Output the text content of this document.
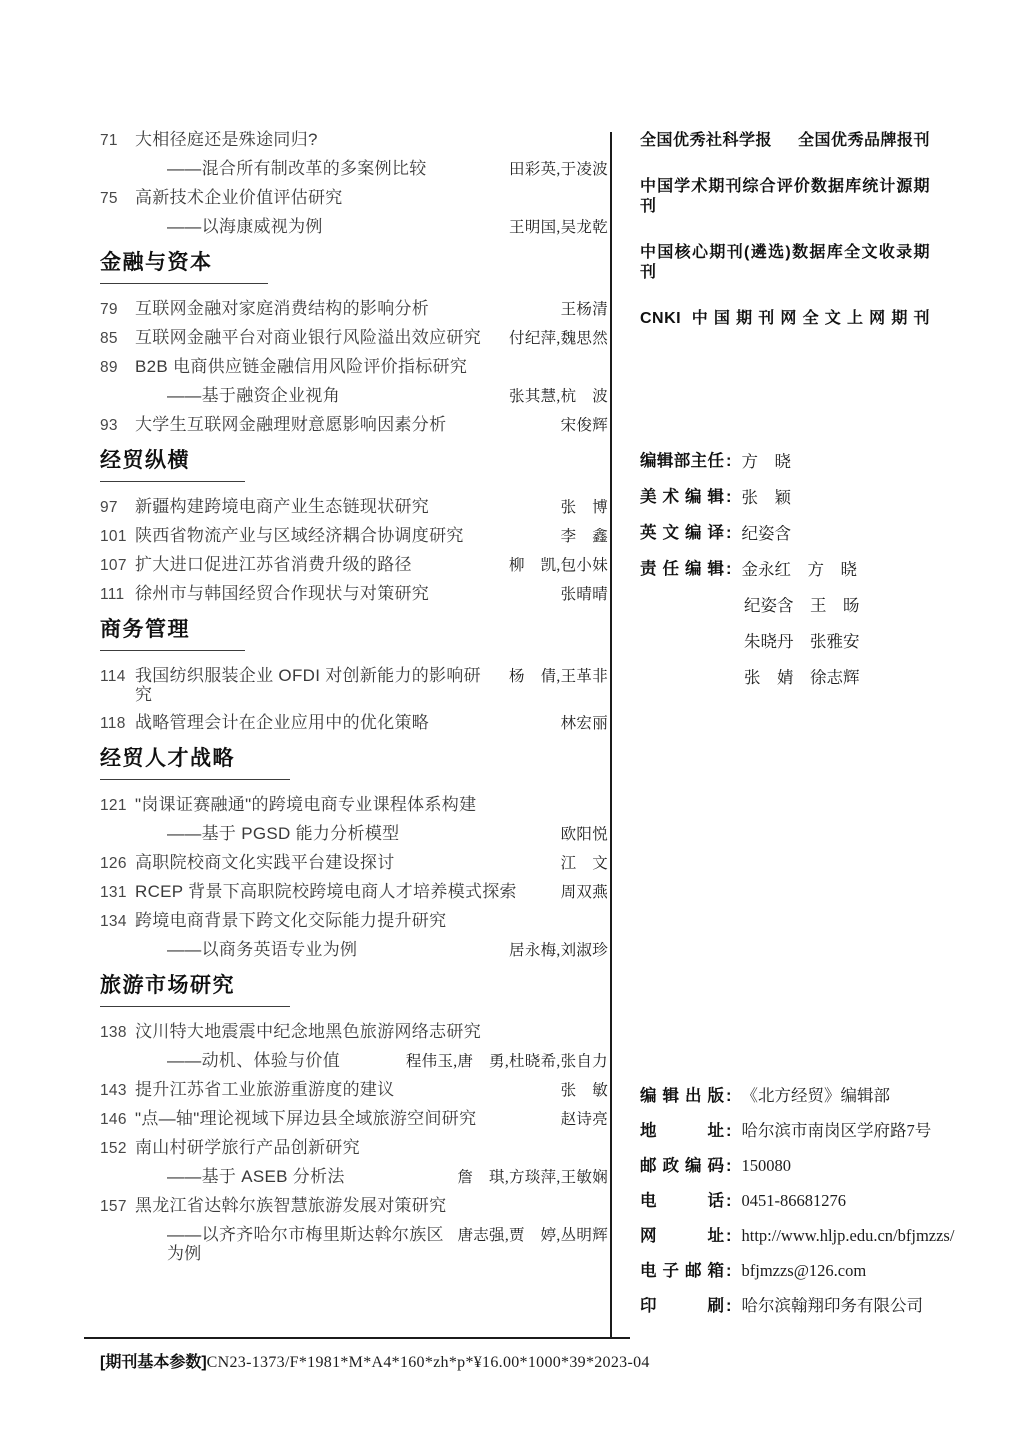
71	大相径庭还是殊途同归?
——混合所有制改革的多案例比较	田彩英,于凌波
75	高新技术企业价值评估研究
——以海康威视为例	王明国,吴龙乾
金融与资本
79	互联网金融对家庭消费结构的影响分析	王杨清
85	互联网金融平台对商业银行风险溢出效应研究	付纪萍,魏思然
89	B2B 电商供应链金融信用风险评价指标研究
——基于融资企业视角	张其慧,杭　波
93	大学生互联网金融理财意愿影响因素分析	宋俊辉
经贸纵横
97	新疆构建跨境电商产业生态链现状研究	张　博
101 陕西省物流产业与区域经济耦合协调度研究	李　鑫
107 扩大进口促进江苏省消费升级的路径	柳　凯,包小妹
111 徐州市与韩国经贸合作现状与对策研究	张晴晴
商务管理
114 我国纺织服装企业 OFDI 对创新能力的影响研究
杨　倩,王革非
118 战略管理会计在企业应用中的优化策略	林宏丽
经贸人才战略
121 "岗课证赛融通"的跨境电商专业课程体系构建
——基于 PGSD 能力分析模型	欧阳悦
126 高职院校商文化实践平台建设探讨	江　文
131 RCEP 背景下高职院校跨境电商人才培养模式探索	周双燕
134 跨境电商背景下跨文化交际能力提升研究
——以商务英语专业为例	居永梅,刘淑珍
旅游市场研究
138 汶川特大地震震中纪念地黑色旅游网络志研究
——动机、体验与价值	程伟玉,唐　勇,杜晓希,张自力
143 提升江苏省工业旅游重游度的建议	张　敏
146 "点—轴"理论视域下屏边县全域旅游空间研究	赵诗亮
152 南山村研学旅行产品创新研究
——基于 ASEB 分析法	詹　琪,方琰萍,王敏娴
157 黑龙江省达斡尔族智慧旅游发展对策研究
——以齐齐哈尔市梅里斯达斡尔族区为例
唐志强,贾　婷,丛明辉
全国优秀社科学报 全国优秀品牌报刊
中国学术期刊综合评价数据库统计源期刊
中国核心期刊(遴选)数据库全文收录期刊
CNKI 中国期刊网全文上网期刊
编辑部主任 : 方　晓
美术编辑 : 张　颖
英文编译 : 纪姿含
责任编辑 : 金永红　方　晓
纪姿含　王　旸
朱晓丹　张雅安
张　婧　徐志辉
编辑出版 : 《北方经贸》编辑部
地址 : 哈尔滨市南岗区学府路7号
邮政编码 : 150080
电话 : 0451-86681276
网址 : http://www.hljp.edu.cn/bfjmzzs/
电子邮箱 : bfjmzzs@126.com
印刷 : 哈尔滨翰翔印务有限公司
[期刊基本参数]CN23-1373/F*1981*M*A4*160*zh*p*¥16.00*1000*39*2023-04
